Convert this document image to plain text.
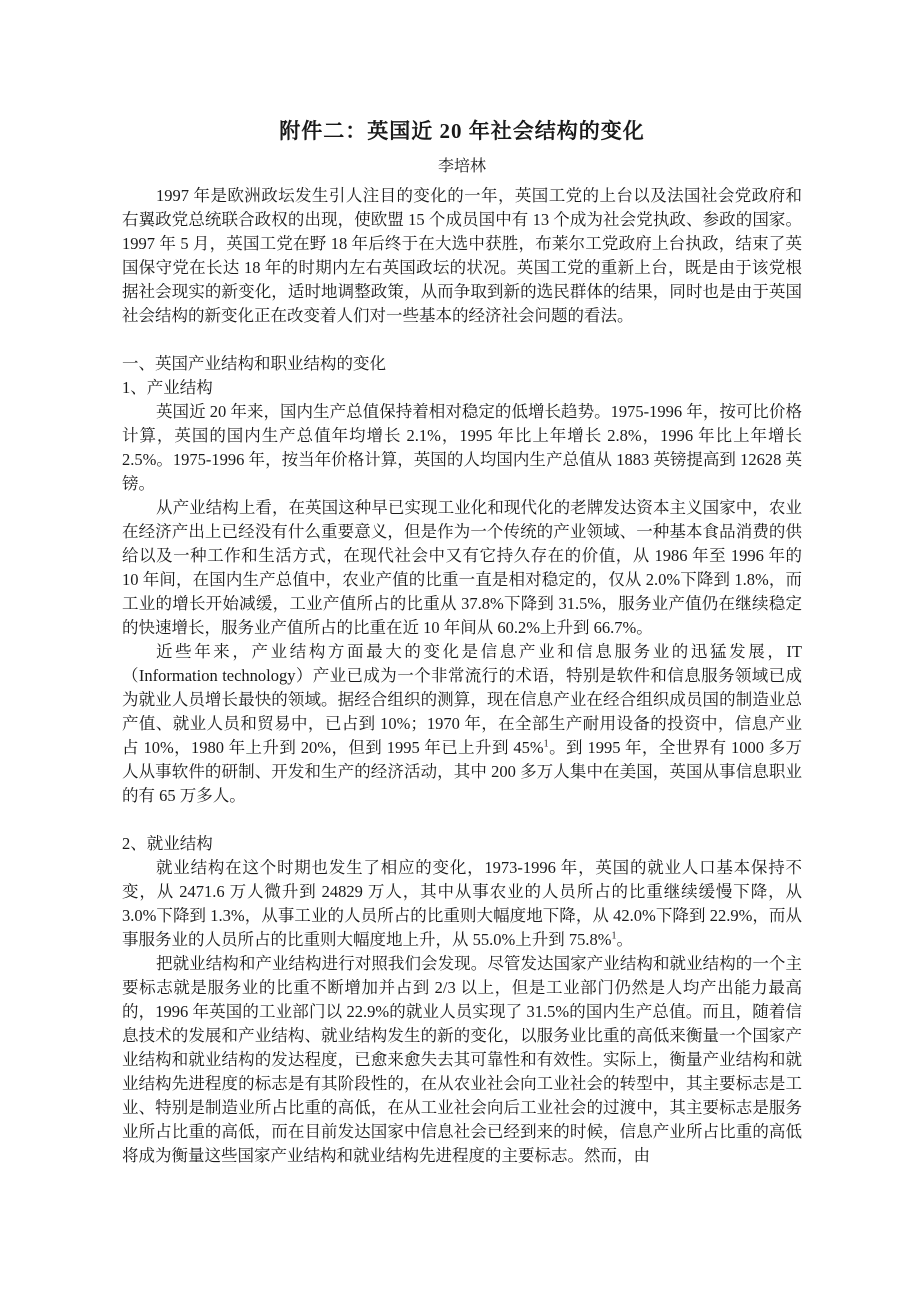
附件二：英国近 20 年社会结构的变化
李培林

1997 年是欧洲政坛发生引人注目的变化的一年，英国工党的上台以及法国社会党政府和右翼政党总统联合政权的出现，使欧盟 15 个成员国中有 13 个成为社会党执政、参政的国家。1997 年 5 月，英国工党在野 18 年后终于在大选中获胜，布莱尔工党政府上台执政，结束了英国保守党在长达 18 年的时期内左右英国政坛的状况。英国工党的重新上台，既是由于该党根据社会现实的新变化，适时地调整政策，从而争取到新的选民群体的结果，同时也是由于英国社会结构的新变化正在改变着人们对一些基本的经济社会问题的看法。

一、英国产业结构和职业结构的变化

1、产业结构

英国近 20 年来，国内生产总值保持着相对稳定的低增长趋势。1975-1996 年，按可比价格计算，英国的国内生产总值年均增长 2.1%，1995 年比上年增长 2.8%，1996 年比上年增长 2.5%。1975-1996 年，按当年价格计算，英国的人均国内生产总值从 1883 英镑提高到 12628 英镑。

从产业结构上看，在英国这种早已实现工业化和现代化的老牌发达资本主义国家中，农业在经济产出上已经没有什么重要意义，但是作为一个传统的产业领域、一种基本食品消费的供给以及一种工作和生活方式，在现代社会中又有它持久存在的价值，从 1986 年至 1996 年的 10 年间，在国内生产总值中，农业产值的比重一直是相对稳定的，仅从 2.0%下降到 1.8%，而工业的增长开始减缓，工业产值所占的比重从 37.8%下降到 31.5%，服务业产值仍在继续稳定的快速增长，服务业产值所占的比重在近 10 年间从 60.2%上升到 66.7%。

近些年来，产业结构方面最大的变化是信息产业和信息服务业的迅猛发展，IT（Information technology）产业已成为一个非常流行的术语，特别是软件和信息服务领域已成为就业人员增长最快的领域。据经合组织的测算，现在信息产业在经合组织成员国的制造业总产值、就业人员和贸易中，已占到 10%；1970 年，在全部生产耐用设备的投资中，信息产业占 10%，1980 年上升到 20%，但到 1995 年已上升到 45%$^1$。到 1995 年，全世界有 1000 多万人从事软件的研制、开发和生产的经济活动，其中 200 多万人集中在美国，英国从事信息职业的有 65 万多人。

2、就业结构

就业结构在这个时期也发生了相应的变化，1973-1996 年，英国的就业人口基本保持不变，从 2471.6 万人微升到 24829 万人，其中从事农业的人员所占的比重继续缓慢下降，从 3.0%下降到 1.3%，从事工业的人员所占的比重则大幅度地下降，从 42.0%下降到 22.9%，而从事服务业的人员所占的比重则大幅度地上升，从 55.0%上升到 75.8%$^1$。

把就业结构和产业结构进行对照我们会发现。尽管发达国家产业结构和就业结构的一个主要标志就是服务业的比重不断增加并占到 2/3 以上，但是工业部门仍然是人均产出能力最高的，1996 年英国的工业部门以 22.9%的就业人员实现了 31.5%的国内生产总值。而且，随着信息技术的发展和产业结构、就业结构发生的新的变化，以服务业比重的高低来衡量一个国家产业结构和就业结构的发达程度，已愈来愈失去其可靠性和有效性。实际上，衡量产业结构和就业结构先进程度的标志是有其阶段性的，在从农业社会向工业社会的转型中，其主要标志是工业、特别是制造业所占比重的高低，在从工业社会向后工业社会的过渡中，其主要标志是服务业所占比重的高低，而在目前发达国家中信息社会已经到来的时候，信息产业所占比重的高低将成为衡量这些国家产业结构和就业结构先进程度的主要标志。然而，由
